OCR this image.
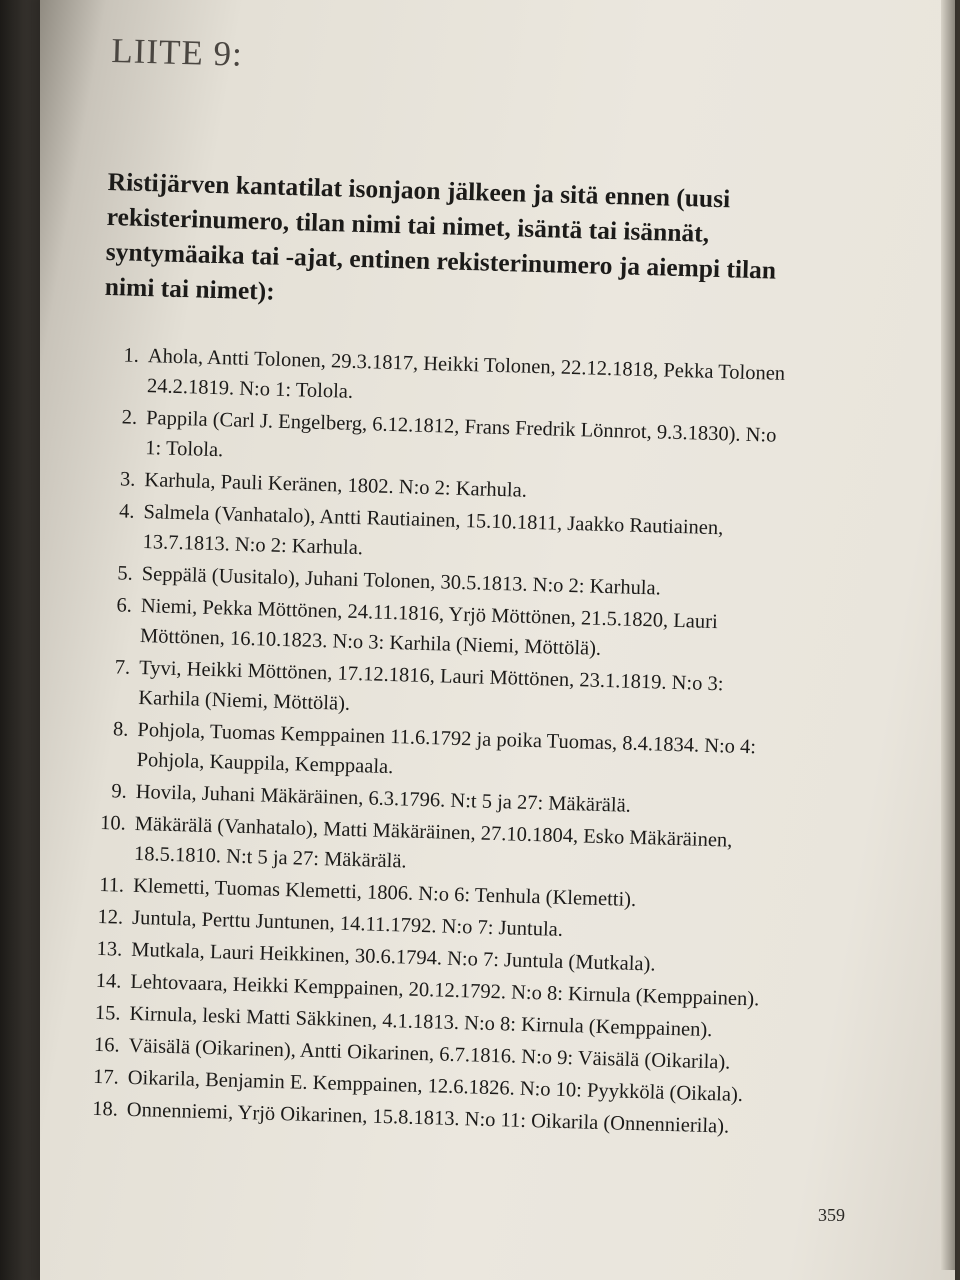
LIITE 9:
Ristijärven kantatilat isonjaon jälkeen ja sitä ennen (uusi rekisterinumero, tilan nimi tai nimet, isäntä tai isännät, syntymäaika tai -ajat, entinen rekisterinumero ja aiempi tilan nimi tai nimet):
1. Ahola, Antti Tolonen, 29.3.1817, Heikki Tolonen, 22.12.1818, Pekka Tolonen 24.2.1819. N:o 1: Tolola.
2. Pappila (Carl J. Engelberg, 6.12.1812, Frans Fredrik Lönnrot, 9.3.1830). N:o 1: Tolola.
3. Karhula, Pauli Keränen, 1802. N:o 2: Karhula.
4. Salmela (Vanhatalo), Antti Rautiainen, 15.10.1811, Jaakko Rautiainen, 13.7.1813. N:o 2: Karhula.
5. Seppälä (Uusitalo), Juhani Tolonen, 30.5.1813. N:o 2: Karhula.
6. Niemi, Pekka Möttönen, 24.11.1816, Yrjö Möttönen, 21.5.1820, Lauri Möttönen, 16.10.1823. N:o 3: Karhila (Niemi, Möttölä).
7. Tyvi, Heikki Möttönen, 17.12.1816, Lauri Möttönen, 23.1.1819. N:o 3: Karhila (Niemi, Möttölä).
8. Pohjola, Tuomas Kemppainen 11.6.1792 ja poika Tuomas, 8.4.1834. N:o 4: Pohjola, Kauppila, Kemppaala.
9. Hovila, Juhani Mäkäräinen, 6.3.1796. N:t 5 ja 27: Mäkärälä.
10. Mäkärälä (Vanhatalo), Matti Mäkäräinen, 27.10.1804, Esko Mäkäräinen, 18.5.1810. N:t 5 ja 27: Mäkärälä.
11. Klemetti, Tuomas Klemetti, 1806. N:o 6: Tenhula (Klemetti).
12. Juntula, Perttu Juntunen, 14.11.1792. N:o 7: Juntula.
13. Mutkala, Lauri Heikkinen, 30.6.1794. N:o 7: Juntula (Mutkala).
14. Lehtovaara, Heikki Kemppainen, 20.12.1792. N:o 8: Kirnula (Kemppainen).
15. Kirnula, leski Matti Säkkinen, 4.1.1813. N:o 8: Kirnula (Kemppainen).
16. Väisälä (Oikarinen), Antti Oikarinen, 6.7.1816. N:o 9: Väisälä (Oikarila).
17. Oikarila, Benjamin E. Kemppainen, 12.6.1826. N:o 10: Pyykkölä (Oikala).
18. Onnenniemi, Yrjö Oikarinen, 15.8.1813. N:o 11: Oikarila (Onnennierila).
359
